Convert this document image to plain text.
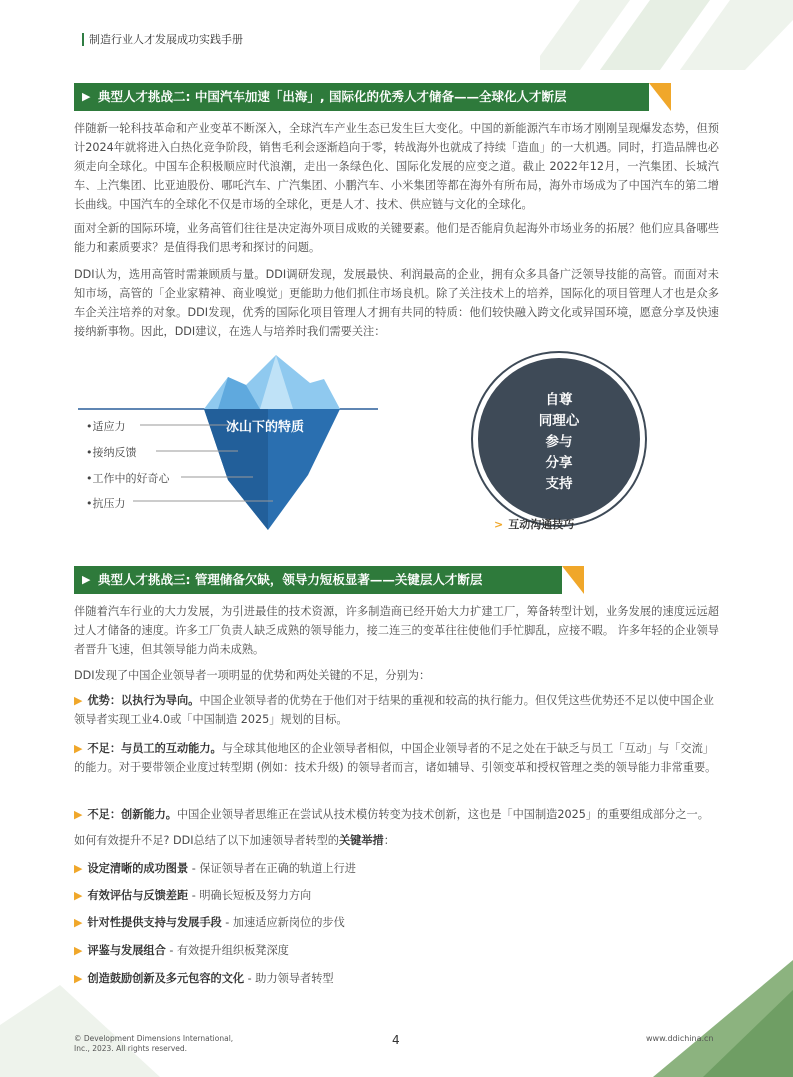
制造行业人才发展成功实践手册
▶ 典型人才挑战二: 中国汽车加速「出海」, 国际化的优秀人才储备——全球化人才断层
伴随新一轮科技革命和产业变革不断深入，全球汽车产业生态已发生巨大变化。中国的新能源汽车市场才刚刚呈现爆发态势，但预计2024年就将进入白热化竞争阶段，销售毛利会逐渐趋向于零，转战海外也就成了持续「造血」的一大机遇。同时，打造品牌也必须走向全球化。中国车企积极顺应时代浪潮，走出一条绿色化、国际化发展的应变之道。截止 2022年12月，一汽集团、长城汽车、上汽集团、比亚迪股份、哪吒汽车、广汽集团、小鹏汽车、小米集团等都在海外有所布局，海外市场成为了中国汽车的第二增长曲线。中国汽车的全球化不仅是市场的全球化，更是人才、技术、供应链与文化的全球化。
面对全新的国际环境，业务高管们往往是决定海外项目成败的关键要素。他们是否能肩负起海外市场业务的拓展？他们应具备哪些能力和素质要求？是值得我们思考和探讨的问题。
DDI认为，选用高管时需兼顾质与量。DDI调研发现，发展最快、利润最高的企业，拥有众多具备广泛领导技能的高管。而面对未知市场，高管的「企业家精神、商业嗅觉」更能助力他们抓住市场良机。除了关注技术上的培养，国际化的项目管理人才也是众多车企关注培养的对象。DDI发现，优秀的国际化项目管理人才拥有共同的特质：他们较快融入跨文化或异国环境，愿意分享及快速接纳新事物。因此，DDI建议，在选人与培养时我们需要关注：
冰山下的特质
•适应力
•接纳反馈
•工作中的好奇心
•抗压力
自尊
同理心
参与
分享
支持
> 互动沟通技巧
▶ 典型人才挑战三: 管理储备欠缺，领导力短板显著——关键层人才断层
伴随着汽车行业的大力发展，为引进最佳的技术资源，许多制造商已经开始大力扩建工厂，筹备转型计划，业务发展的速度远远超过人才储备的速度。许多工厂负责人缺乏成熟的领导能力，接二连三的变革往往使他们手忙脚乱，应接不暇。 许多年轻的企业领导者晋升飞速，但其领导能力尚未成熟。
DDI发现了中国企业领导者一项明显的优势和两处关键的不足，分别为：
▶ 优势：以执行为导向。中国企业领导者的优势在于他们对于结果的重视和较高的执行能力。但仅凭这些优势还不足以使中国企业领导者实现工业4.0或「中国制造 2025」规划的目标。
▶ 不足：与员工的互动能力。与全球其他地区的企业领导者相似，中国企业领导者的不足之处在于缺乏与员工「互动」与「交流」的能力。对于要带领企业度过转型期 (例如：技术升级) 的领导者而言，诸如辅导、引领变革和授权管理之类的领导能力非常重要。
▶ 不足：创新能力。中国企业领导者思维正在尝试从技术模仿转变为技术创新，这也是「中国制造2025」的重要组成部分之一。
如何有效提升不足? DDI总结了以下加速领导者转型的关键举措：
▶ 设定清晰的成功图景 - 保证领导者在正确的轨道上行进
▶ 有效评估与反馈差距 - 明确长短板及努力方向
▶ 针对性提供支持与发展手段 - 加速适应新岗位的步伐
▶ 评鉴与发展组合 - 有效提升组织板凳深度
▶ 创造鼓励创新及多元包容的文化 - 助力领导者转型
© Development Dimensions International,
Inc., 2023. All rights reserved.
4	www.ddichina.cn
